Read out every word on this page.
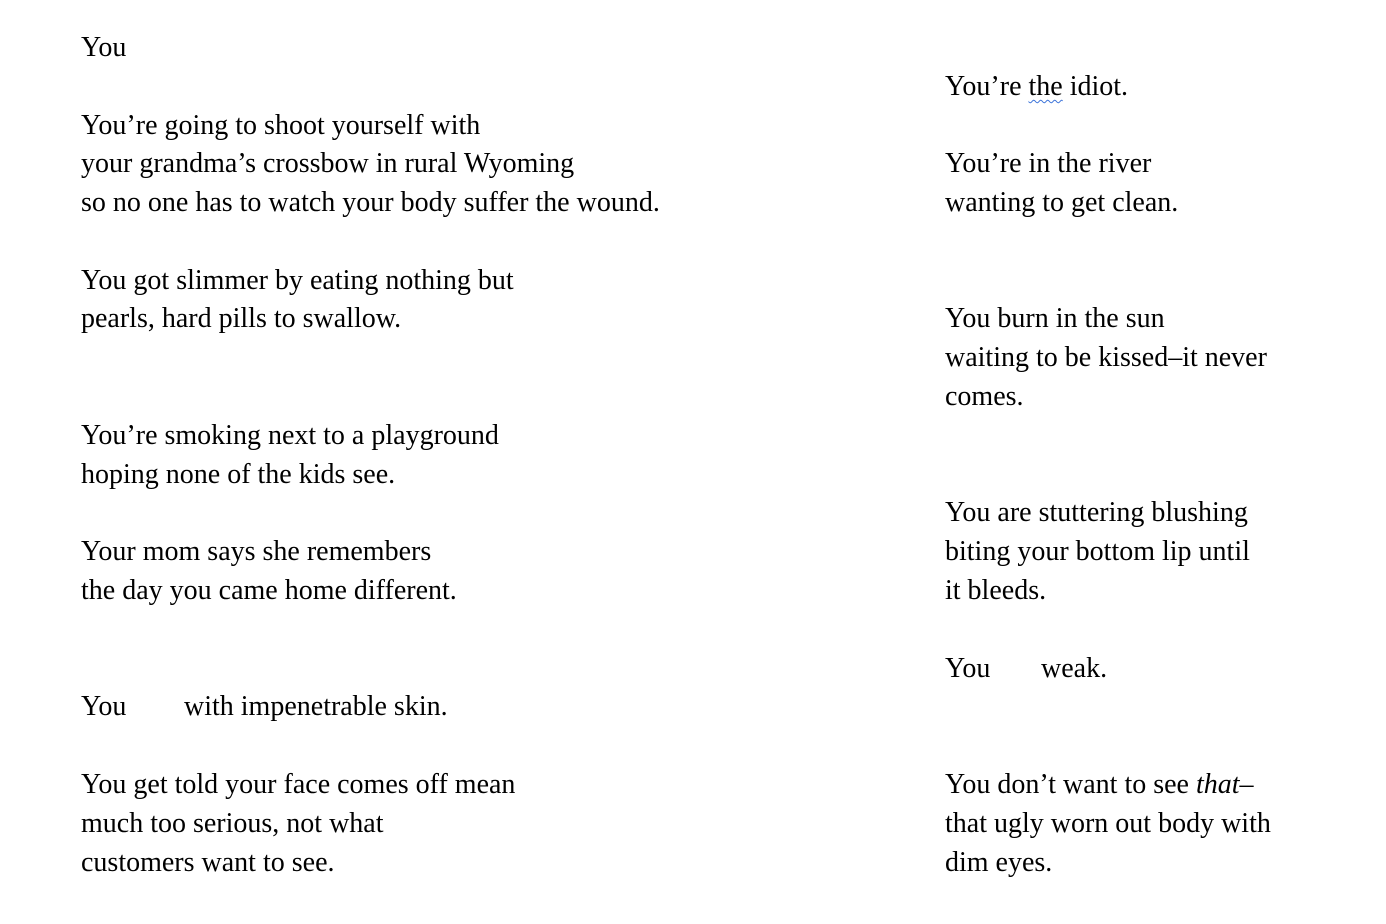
You
You’re going to shoot yourself with
your grandma’s crossbow in rural Wyoming
so no one has to watch your body suffer the wound.
You got slimmer by eating nothing but
pearls, hard pills to swallow.
You’re smoking next to a playground
hoping none of the kids see.
Your mom says she remembers
the day you came home different.
You with impenetrable skin.
You get told your face comes off mean
much too serious, not what
customers want to see.
You’re the idiot.
You’re in the river
wanting to get clean.
You burn in the sun
waiting to be kissed–it never
comes.
You are stuttering blushing
biting your bottom lip until
it bleeds.
You weak.
You don’t want to see that–
that ugly worn out body with
dim eyes.
